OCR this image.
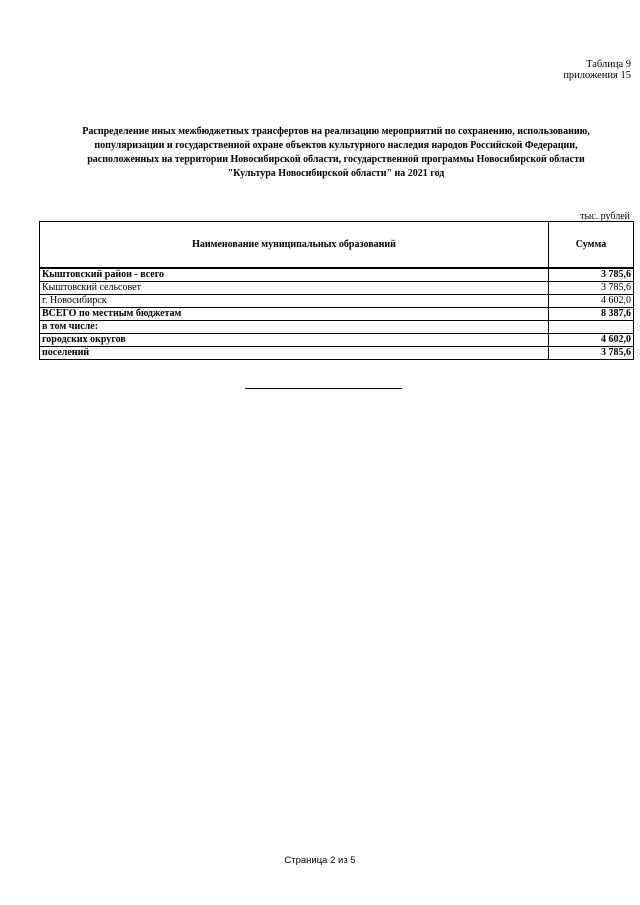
Таблица 9
приложения 15
Распределение иных межбюджетных трансфертов на реализацию мероприятий по сохранению, использованию,
популяризации и государственной охране объектов культурного наследия народов Российской Федерации,
расположенных на территории Новосибирской области, государственной программы Новосибирской области
"Культура Новосибирской области" на 2021 год
тыс. рублей
Наименование муниципальных образований	Сумма
Кыштовский район - всего	3 785,6
Кыштовский сельсовет	3 785,6
г. Новосибирск	4 602,0
ВСЕГО по местным бюджетам	8 387,6
в том числе:	
городских округов	4 602,0
поселений	3 785,6
Страница 2 из 5
